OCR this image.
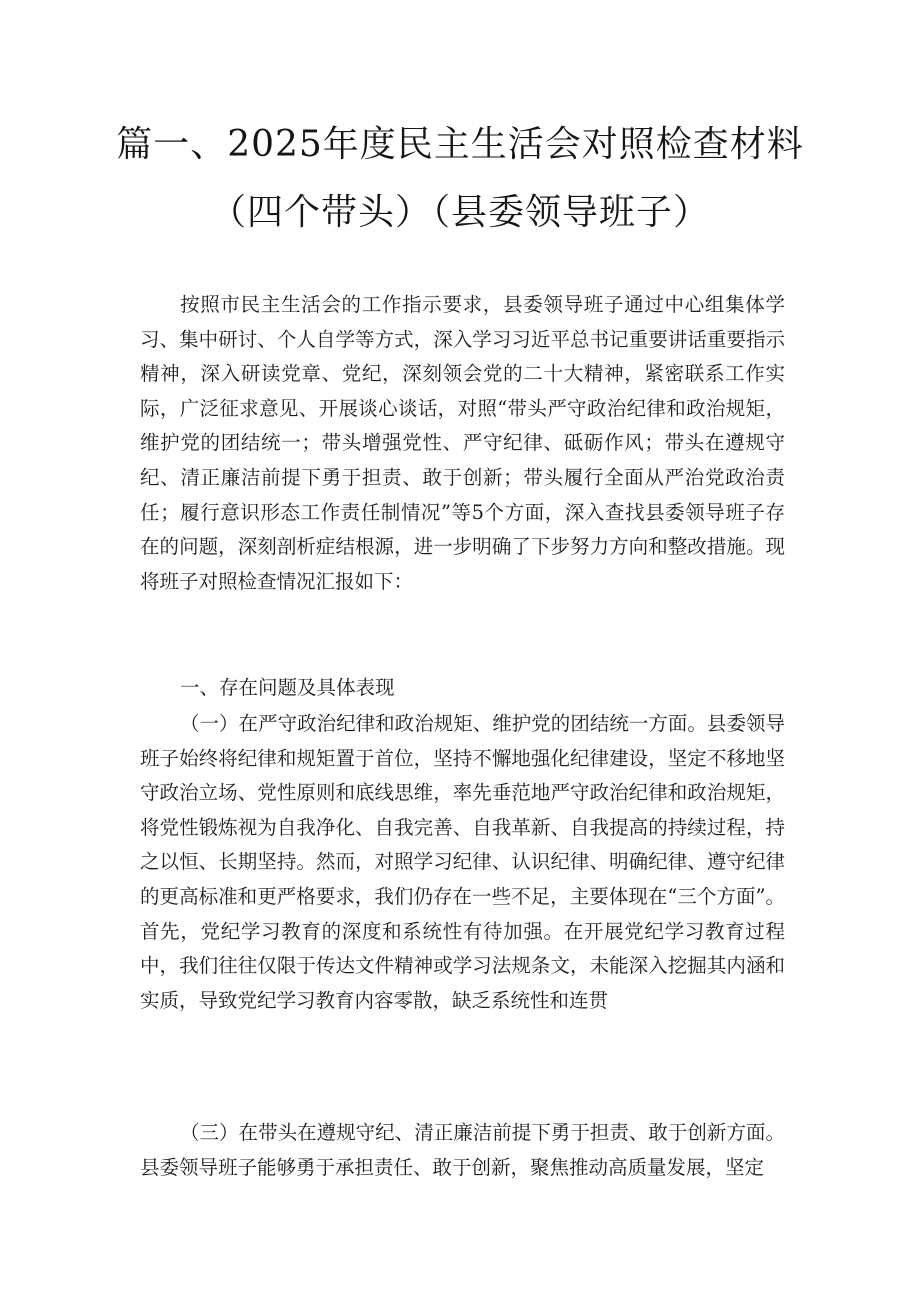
篇一、2025年度民主生活会对照检查材料
（四个带头）（县委领导班子）

按照市民主生活会的工作指示要求，县委领导班子通过中心组集体学习、集中研讨、个人自学等方式，深入学习习近平总书记重要讲话重要指示精神，深入研读党章、党纪，深刻领会党的二十大精神，紧密联系工作实际，广泛征求意见、开展谈心谈话，对照“带头严守政治纪律和政治规矩，维护党的团结统一；带头增强党性、严守纪律、砥砺作风；带头在遵规守纪、清正廉洁前提下勇于担责、敢于创新；带头履行全面从严治党政治责任；履行意识形态工作责任制情况”等5个方面，深入查找县委领导班子存在的问题，深刻剖析症结根源，进一步明确了下步努力方向和整改措施。现将班子对照检查情况汇报如下：

一、存在问题及具体表现

（一）在严守政治纪律和政治规矩、维护党的团结统一方面。县委领导班子始终将纪律和规矩置于首位，坚持不懈地强化纪律建设，坚定不移地坚守政治立场、党性原则和底线思维，率先垂范地严守政治纪律和政治规矩，将党性锻炼视为自我净化、自我完善、自我革新、自我提高的持续过程，持之以恒、长期坚持。然而，对照学习纪律、认识纪律、明确纪律、遵守纪律的更高标准和更严格要求，我们仍存在一些不足，主要体现在“三个方面”。首先，党纪学习教育的深度和系统性有待加强。在开展党纪学习教育过程中，我们往往仅限于传达文件精神或学习法规条文，未能深入挖掘其内涵和实质，导致党纪学习教育内容零散，缺乏系统性和连贯

（三）在带头在遵规守纪、清正廉洁前提下勇于担责、敢于创新方面。县委领导班子能够勇于承担责任、敢于创新，聚焦推动高质量发展，坚定
